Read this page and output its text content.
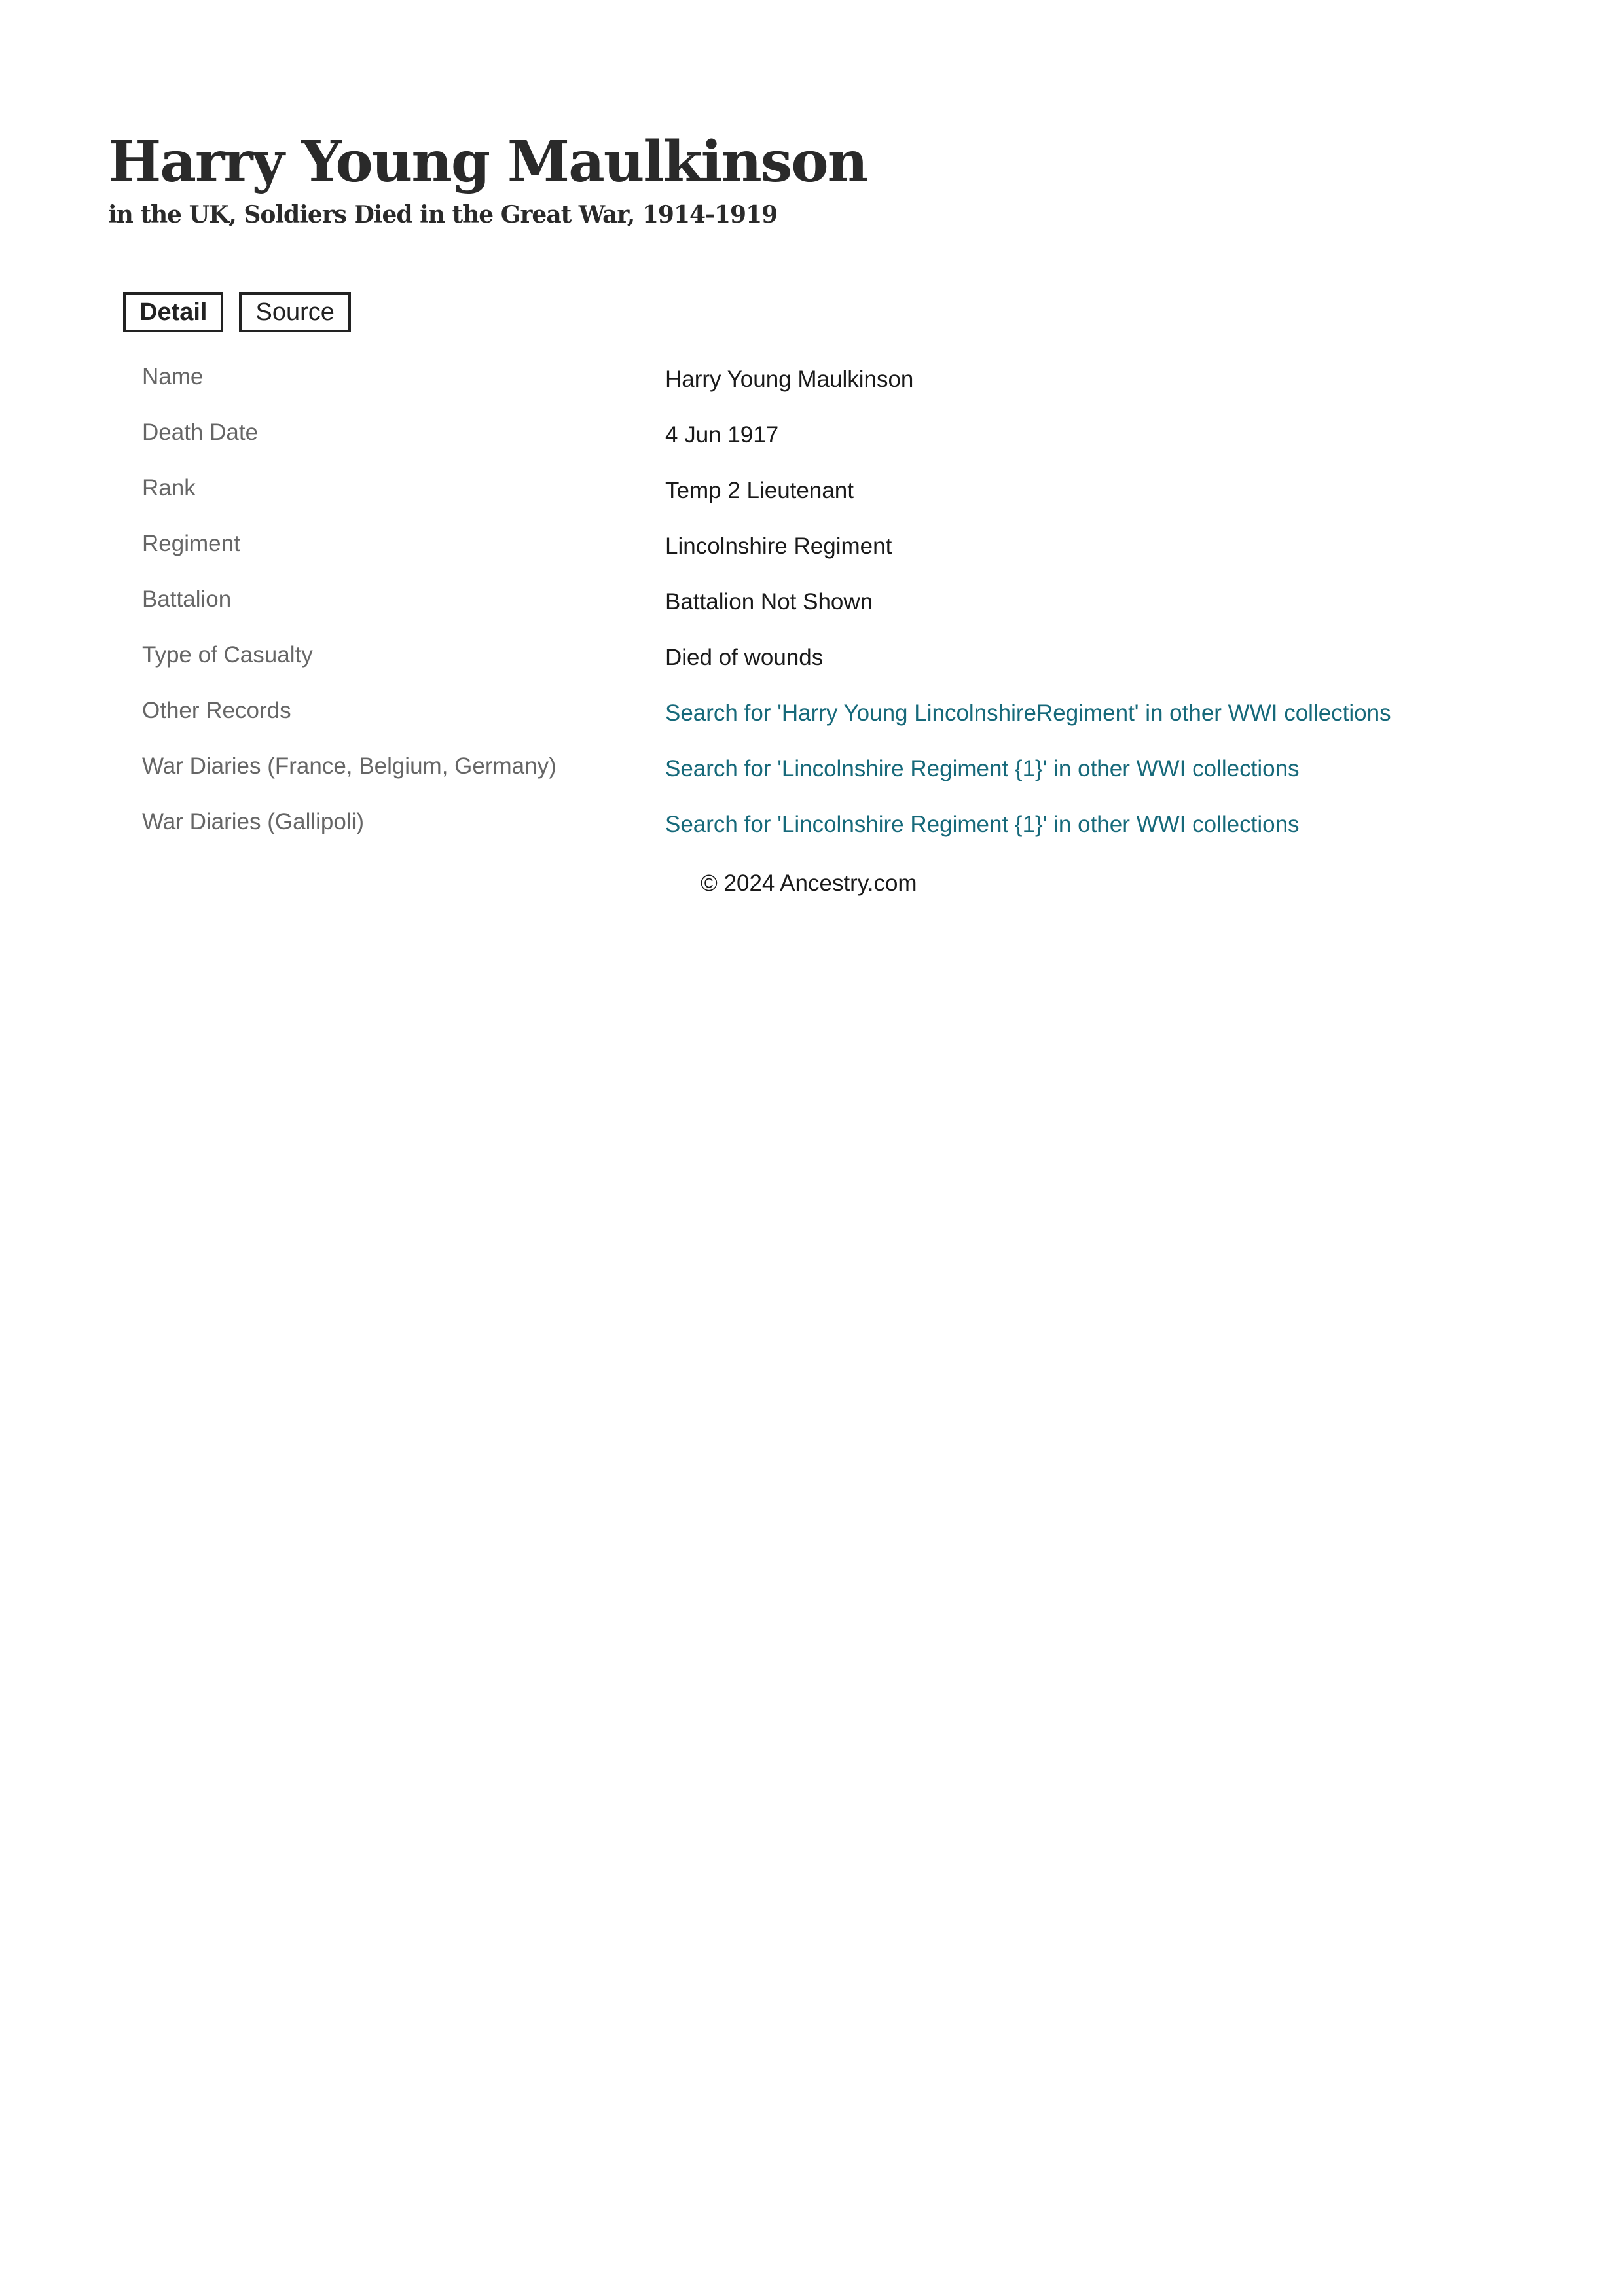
Harry Young Maulkinson
in the UK, Soldiers Died in the Great War, 1914-1919
Detail	Source
Name	Harry Young Maulkinson
Death Date	4 Jun 1917
Rank	Temp 2 Lieutenant
Regiment	Lincolnshire Regiment
Battalion	Battalion Not Shown
Type of Casualty	Died of wounds
Other Records	Search for 'Harry Young LincolnshireRegiment' in other WWI collections
War Diaries (France, Belgium, Germany)	Search for 'Lincolnshire Regiment {1}' in other WWI collections
War Diaries (Gallipoli)	Search for 'Lincolnshire Regiment {1}' in other WWI collections
© 2024 Ancestry.com
